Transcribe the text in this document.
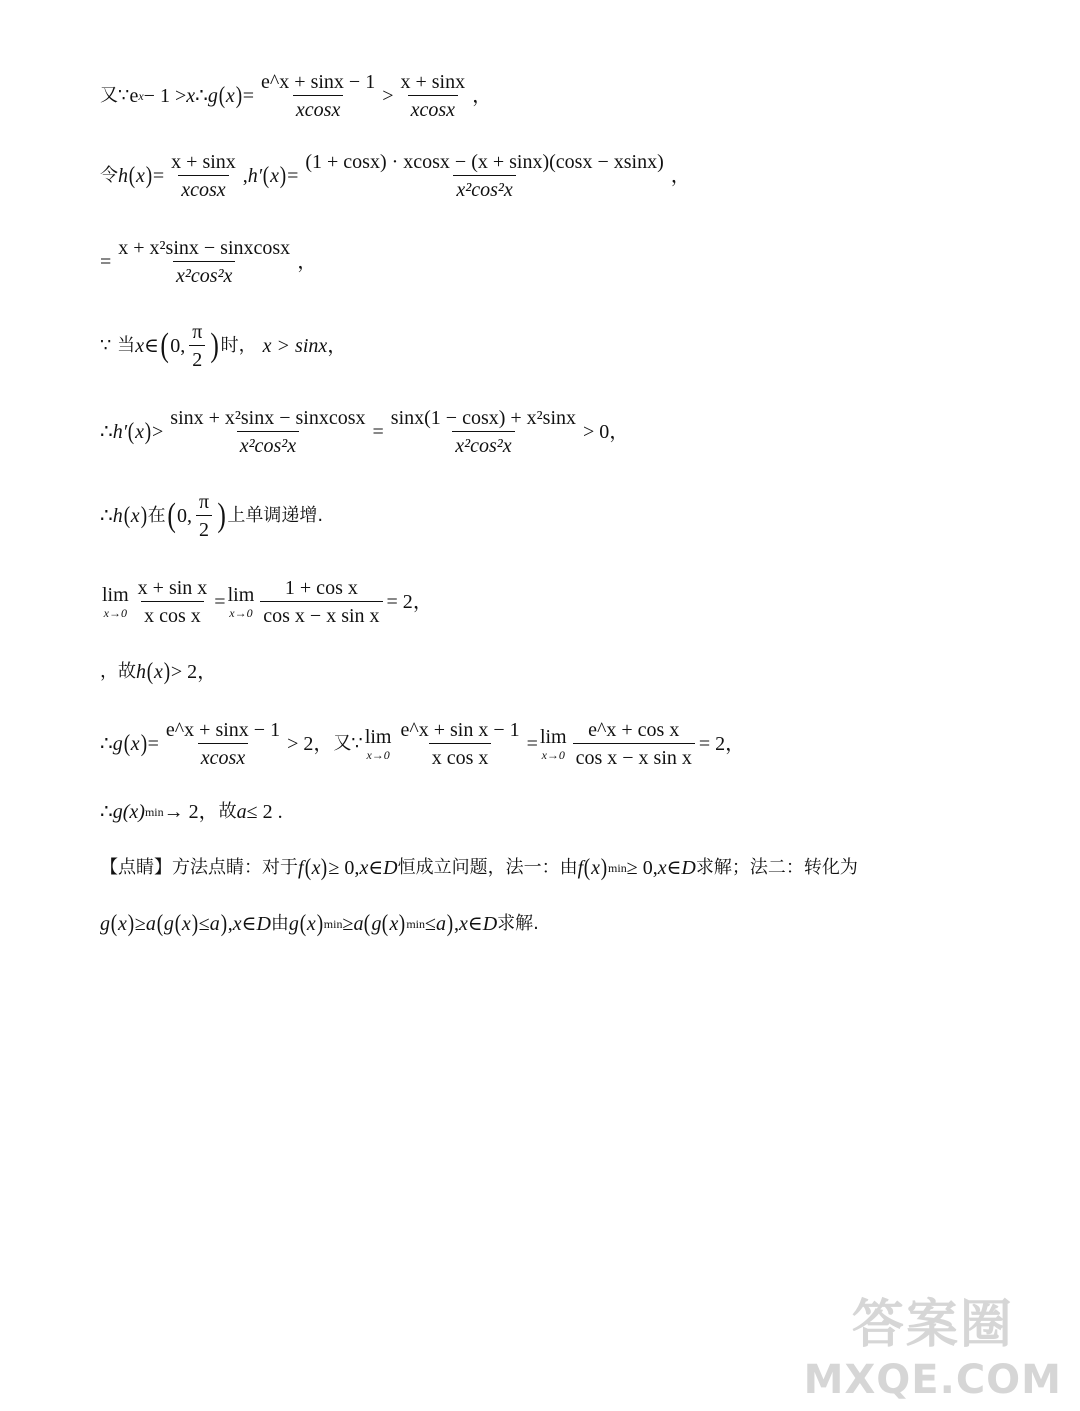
又∵ e x − 1 > x ∴ g ( x ) = $\frac{e\^{}x + \sin x - 1}{xcosx} > \frac{x + \sin x}{xcosx}$ ，
令 h ( x ) = $\frac{x + \sin x}{xcosx}$ , h′ ( x ) = $\frac{(1 + \cos x) \cdot xcosx - (x + \sin x)(\cos x - xsinx)}{\text{x²cos²x}}$ ，
= $\frac{\text{x + x²sinx − sinxcosx}}{\text{x²cos²x}}$ ，
∵ 当 x ∈ ( 0, $\frac{\pi}{2}$ ) 时， x > sinx ，
∴ h′ ( x ) > $\frac{\text{sinx + x²sinx − sinxcosx}}{\text{x²cos²x}} = \frac{\text{sinx(1 − cosx) + x²sinx}}{\text{x²cos²x}} > 0$ ，
∴ h ( x ) 在 ( 0, $\frac{\pi}{2}$ ) 上单调递增.
lim
$x\to 0 \frac{\text{x + sin x}}{\text{x cos x}} = \lim$
$x\to 0 \frac{\text{1 + cos x}}{\text{cos x − x sin x}} = 2$ ，
，故 h ( x ) > 2 ，
∴ g ( x ) = $\frac{e\^{}x + \sin x - 1}{xcosx} > 2$， 又∵ lim
$x\to 0 \frac{\text{e\textasciicircum{}x + sin x − 1}}{\text{x cos x}} = \lim$
$x\to 0 \frac{\text{e\textasciicircum{}x + cos x}}{\text{cos x − x sin x}} = 2$ ，
∴ g(x) min → 2， 故 a ≤ 2 .
【点睛】方法点睛：对于 f ( x ) ≥ 0, x ∈ D 恒成立问题，法一：由 f ( x ) min ≥ 0, x ∈ D 求解；法二：转化为
g ( x ) ≥ a ( g ( x ) ≤ a ) , x ∈ D 由 g ( x ) min ≥ a ( g ( x ) min ≤ a ) , x ∈ D 求解.
答案圈
MXQE.COM
